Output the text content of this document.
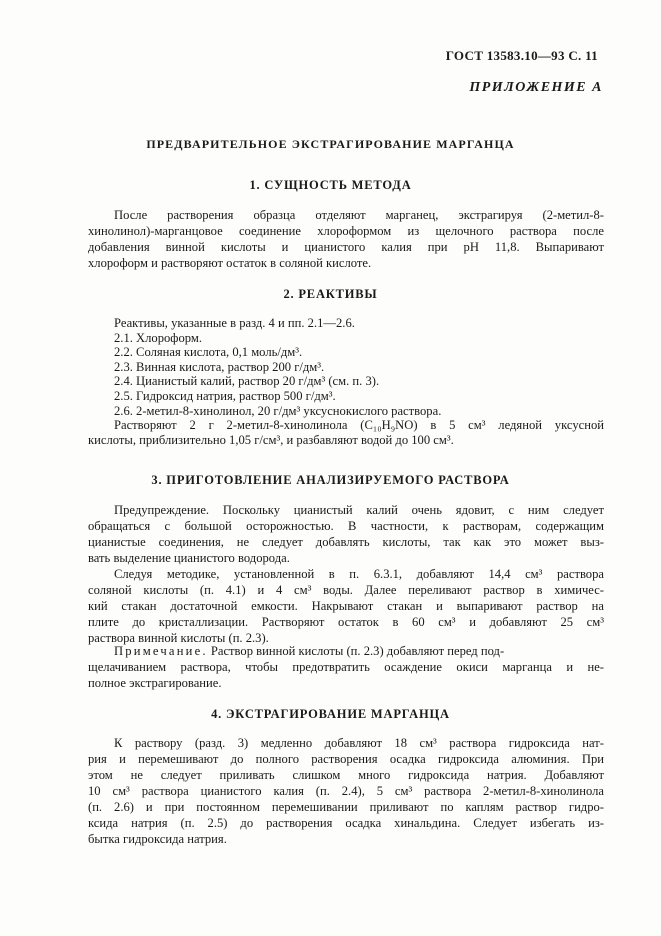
ГОСТ 13583.10—93 С. 11
ПРИЛОЖЕНИЕ А
ПРЕДВАРИТЕЛЬНОЕ ЭКСТРАГИРОВАНИЕ МАРГАНЦА
1. СУЩНОСТЬ МЕТОДА
После растворения образца отделяют марганец, экстрагируя (2-метил-8-
хинолинол)-марганцовое соединение хлороформом из щелочного раствора после
добавления винной кислоты и цианистого калия при pH 11,8. Выпаривают
хлороформ и растворяют остаток в соляной кислоте.
2. РЕАКТИВЫ
Реактивы, указанные в разд. 4 и пп. 2.1—2.6.
2.1. Хлороформ.
2.2. Соляная кислота, 0,1 моль/дм³.
2.3. Винная кислота, раствор 200 г/дм³.
2.4. Цианистый калий, раствор 20 г/дм³ (см. п. 3).
2.5. Гидроксид натрия, раствор 500 г/дм³.
2.6. 2-метил-8-хинолинол, 20 г/дм³ уксуснокислого раствора.
Растворяют 2 г 2-метил-8-хинолинола (C₁₀H₉NO) в 5 см³ ледяной уксусной
кислоты, приблизительно 1,05 г/см³, и разбавляют водой до 100 см³.
3. ПРИГОТОВЛЕНИЕ АНАЛИЗИРУЕМОГО РАСТВОРА
Предупреждение. Поскольку цианистый калий очень ядовит, с ним следует
обращаться с большой осторожностью. В частности, к растворам, содержащим
цианистые соединения, не следует добавлять кислоты, так как это может выз-
вать выделение цианистого водорода.
Следуя методике, установленной в п. 6.3.1, добавляют 14,4 см³ раствора
соляной кислоты (п. 4.1) и 4 см³ воды. Далее переливают раствор в химичес-
кий стакан достаточной емкости. Накрывают стакан и выпаривают раствор на
плите до кристаллизации. Растворяют остаток в 60 см³ и добавляют 25 см³
раствора винной кислоты (п. 2.3).
Примечание. Раствор винной кислоты (п. 2.3) добавляют перед под-
щелачиванием раствора, чтобы предотвратить осаждение окиси марганца и не-
полное экстрагирование.
4. ЭКСТРАГИРОВАНИЕ МАРГАНЦА
К раствору (разд. 3) медленно добавляют 18 см³ раствора гидроксида нат-
рия и перемешивают до полного растворения осадка гидроксида алюминия. При
этом не следует приливать слишком много гидроксида натрия. Добавляют
10 см³ раствора цианистого калия (п. 2.4), 5 см³ раствора 2-метил-8-хинолинола
(п. 2.6) и при постоянном перемешивании приливают по каплям раствор гидро-
ксида натрия (п. 2.5) до растворения осадка хинальдина. Следует избегать из-
бытка гидроксида натрия.
